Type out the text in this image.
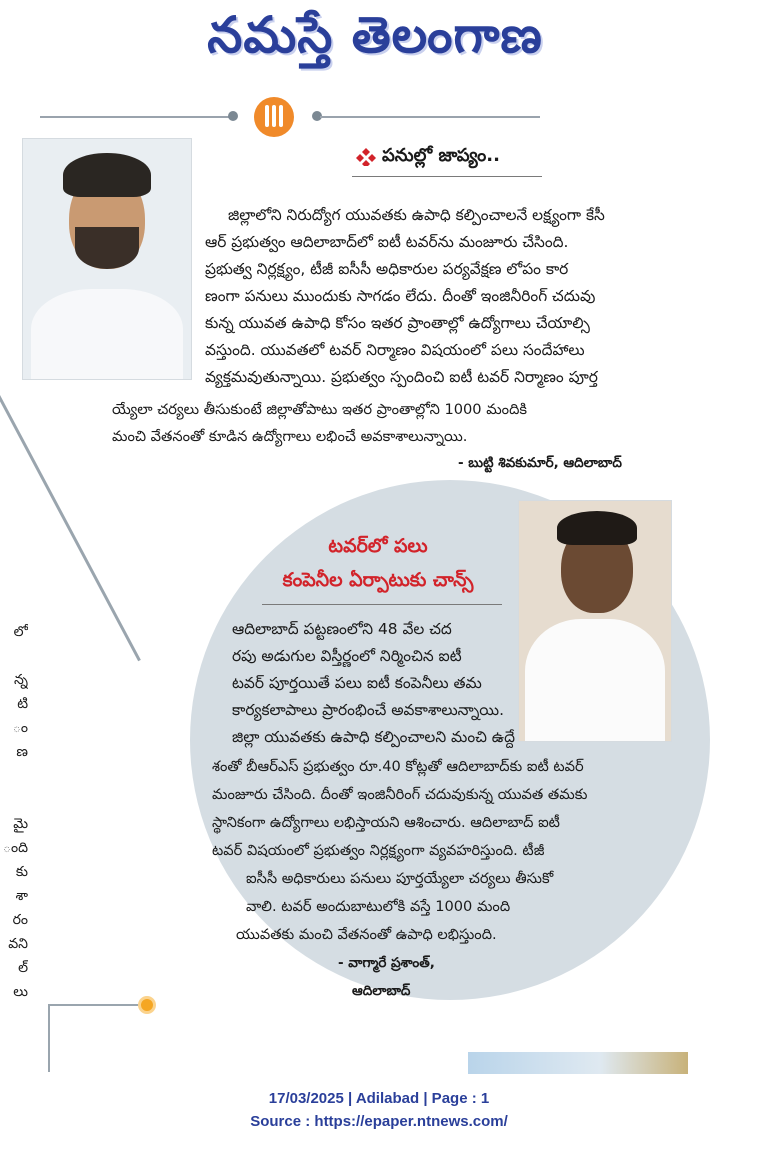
నమస్తే తెలంగాణ
పనుల్లో జాప్యం..
జిల్లాలోని నిరుద్యోగ యువతకు ఉపాధి కల్పించాలనే లక్ష్యంగా కేసీ
ఆర్ ప్రభుత్వం ఆదిలాబాద్‌లో ఐటీ టవర్‌ను మంజూరు చేసింది.
ప్రభుత్వ నిర్లక్ష్యం, టీజీ ఐసీసీ అధికారుల పర్యవేక్షణ లోపం కార
ణంగా పనులు ముందుకు సాగడం లేదు. దీంతో ఇంజినీరింగ్ చదువు
కున్న యువత ఉపాధి కోసం ఇతర ప్రాంతాల్లో ఉద్యోగాలు చేయాల్సి
వస్తుంది. యువతలో టవర్ నిర్మాణం విషయంలో పలు సందేహాలు
వ్యక్తమవుతున్నాయి. ప్రభుత్వం స్పందించి ఐటీ టవర్ నిర్మాణం పూర్త
య్యేలా చర్యలు తీసుకుంటే జిల్లాతోపాటు ఇతర ప్రాంతాల్లోని 1000 మందికి
మంచి వేతనంతో కూడిన ఉద్యోగాలు లభించే అవకాశాలున్నాయి.
- బుట్టి శివకుమార్, ఆదిలాబాద్
టవర్‌లో పలు
కంపెనీల ఏర్పాటుకు చాన్స్
ఆదిలాబాద్ పట్టణంలోని 48 వేల చద
రపు అడుగుల విస్తీర్ణంలో నిర్మించిన ఐటీ
టవర్ పూర్తయితే పలు ఐటీ కంపెనీలు తమ
కార్యకలాపాలు ప్రారంభించే అవకాశాలున్నాయి.
జిల్లా యువతకు ఉపాధి కల్పించాలని మంచి ఉద్దే
శంతో బీఆర్‌ఎస్ ప్రభుత్వం రూ.40 కోట్లతో ఆదిలాబాద్‌కు ఐటీ టవర్
మంజూరు చేసింది. దీంతో ఇంజినీరింగ్ చదువుకున్న యువత తమకు
స్థానికంగా ఉద్యోగాలు లభిస్తాయని ఆశించారు. ఆదిలాబాద్ ఐటీ
టవర్ విషయంలో ప్రభుత్వం నిర్లక్ష్యంగా వ్యవహరిస్తుంది. టీజీ
ఐసీసీ అధికారులు పనులు పూర్తయ్యేలా చర్యలు తీసుకో
వాలి. టవర్ అందుబాటులోకి వస్తే 1000 మంది
యువతకు మంచి వేతనంతో ఉపాధి లభిస్తుంది.
- వాగ్మారే ప్రశాంత్,
ఆదిలాబాద్
లో

న్న
టి
ం
ణ

మై
ంది
కు
శా
రం
వని
ల్
లు
17/03/2025 | Adilabad | Page : 1
Source : https://epaper.ntnews.com/
